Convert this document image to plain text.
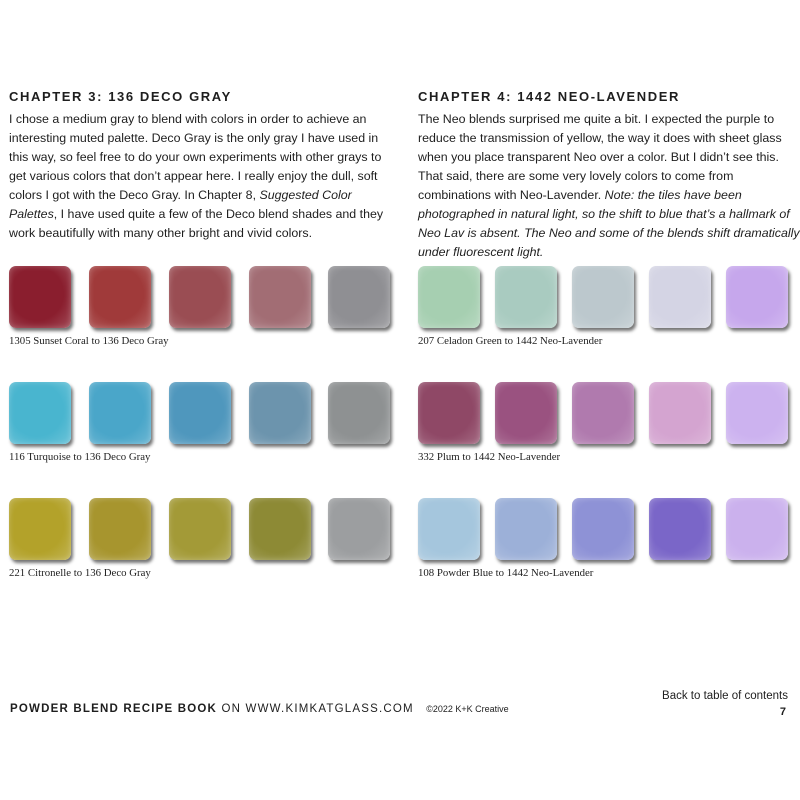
CHAPTER 3: 136 DECO GRAY

I chose a medium gray to blend with colors in order to achieve an interesting muted palette. Deco Gray is the only gray I have used in this way, so feel free to do your own experiments with other grays to get various colors that don’t appear here. I really enjoy the dull, soft colors I got with the Deco Gray. In Chapter 8, Suggested Color Palettes, I have used quite a few of the Deco blend shades and they work beautifully with many other bright and vivid colors.

CHAPTER 4: 1442 NEO-LAVENDER

The Neo blends surprised me quite a bit. I expected the purple to reduce the transmission of yellow, the way it does with sheet glass when you place transparent Neo over a color. But I didn’t see this. That said, there are some very lovely colors to come from combinations with Neo-Lavender. Note: the tiles have been photographed in natural light, so the shift to blue that’s a hallmark of Neo Lav is absent. The Neo and some of the blends shift dramatically under fluorescent light.

1305 Sunset Coral to 136 Deco Gray
116 Turquoise to 136 Deco Gray
221 Citronelle to 136 Deco Gray
207 Celadon Green to 1442 Neo-Lavender
332 Plum to 1442 Neo-Lavender
108 Powder Blue to 1442 Neo-Lavender
POWDER BLEND RECIPE BOOK ON WWW.KIMKATGLASS.COM ©2022 K+K Creative
Back to table of contents
7
